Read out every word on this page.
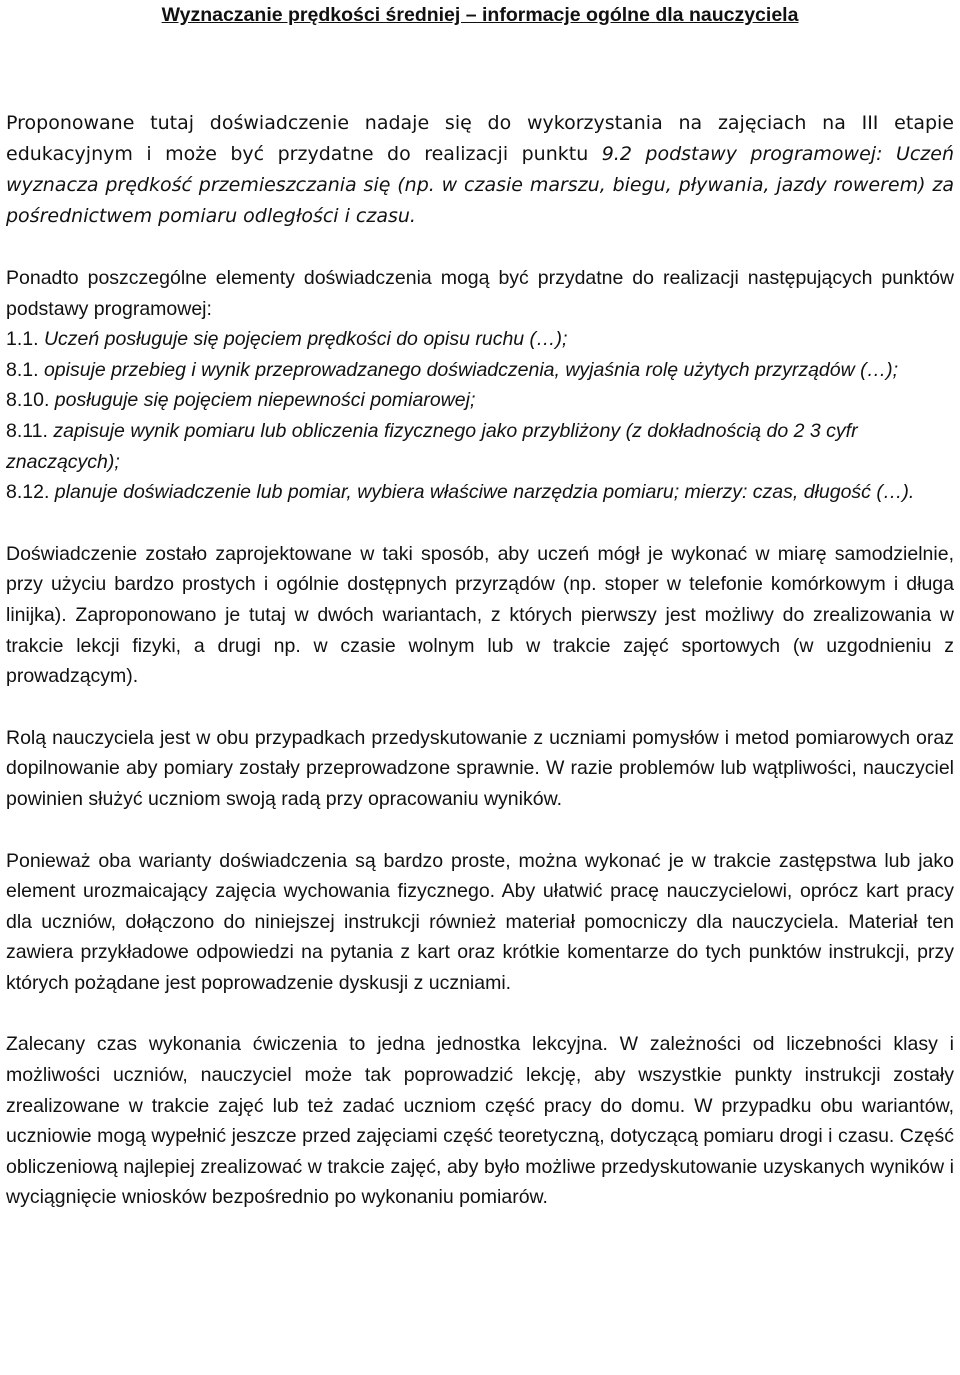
Wyznaczanie prędkości średniej – informacje ogólne dla nauczyciela

Proponowane tutaj doświadczenie nadaje się do wykorzystania na zajęciach na III etapie edukacyjnym i może być przydatne do realizacji punktu 9.2 podstawy programowej: Uczeń wyznacza prędkość przemieszczania się (np. w czasie marszu, biegu, pływania, jazdy rowerem) za pośrednictwem pomiaru odległości i czasu.

Ponadto poszczególne elementy doświadczenia mogą być przydatne do realizacji następujących punktów podstawy programowej:

1.1. Uczeń posługuje się pojęciem prędkości do opisu ruchu (…);

8.1. opisuje przebieg i wynik przeprowadzanego doświadczenia, wyjaśnia rolę użytych przyrządów (…);

8.10. posługuje się pojęciem niepewności pomiarowej;

8.11. zapisuje wynik pomiaru lub obliczenia fizycznego jako przybliżony (z dokładnością do 2 3 cyfr znaczących);

8.12. planuje doświadczenie lub pomiar, wybiera właściwe narzędzia pomiaru; mierzy: czas, długość (…).

Doświadczenie zostało zaprojektowane w taki sposób, aby uczeń mógł je wykonać w miarę samodzielnie, przy użyciu bardzo prostych i ogólnie dostępnych przyrządów (np. stoper w telefonie komórkowym i długa linijka). Zaproponowano je tutaj w dwóch wariantach, z których pierwszy jest możliwy do zrealizowania w trakcie lekcji fizyki, a drugi np. w czasie wolnym lub w trakcie zajęć sportowych (w uzgodnieniu z prowadzącym).

Rolą nauczyciela jest w obu przypadkach przedyskutowanie z uczniami pomysłów i metod pomiarowych oraz dopilnowanie aby pomiary zostały przeprowadzone sprawnie. W razie problemów lub wątpliwości, nauczyciel powinien służyć uczniom swoją radą przy opracowaniu wyników.

Ponieważ oba warianty doświadczenia są bardzo proste, można wykonać je w trakcie zastępstwa lub jako element urozmaicający zajęcia wychowania fizycznego. Aby ułatwić pracę nauczycielowi, oprócz kart pracy dla uczniów, dołączono do niniejszej instrukcji również materiał pomocniczy dla nauczyciela. Materiał ten zawiera przykładowe odpowiedzi na pytania z kart oraz krótkie komentarze do tych punktów instrukcji, przy których pożądane jest popr​owadzenie dyskusji z uczniami.

Zalecany czas wykonania ćwiczenia to jedna jednostka lekcyjna. W zależności od liczebności klasy i możliwości uczniów, nauczyciel może tak poprowadzić lekcję, aby wszystkie punkty instrukcji zostały zrealizowane w trakcie zajęć lub też zadać uczniom część pracy do domu. W przypadku obu wariantów, uczniowie mogą wypełnić jeszcze przed zajęciami część teoretyczną, dotyczącą pomiaru drogi i czasu. Część obliczeniową najlepiej zrealizować w trakcie zajęć, aby było możliwe przedyskutowanie uzyskanych wyników i wyciągnięcie wniosków bezpośrednio po wykonaniu pomiarów.
